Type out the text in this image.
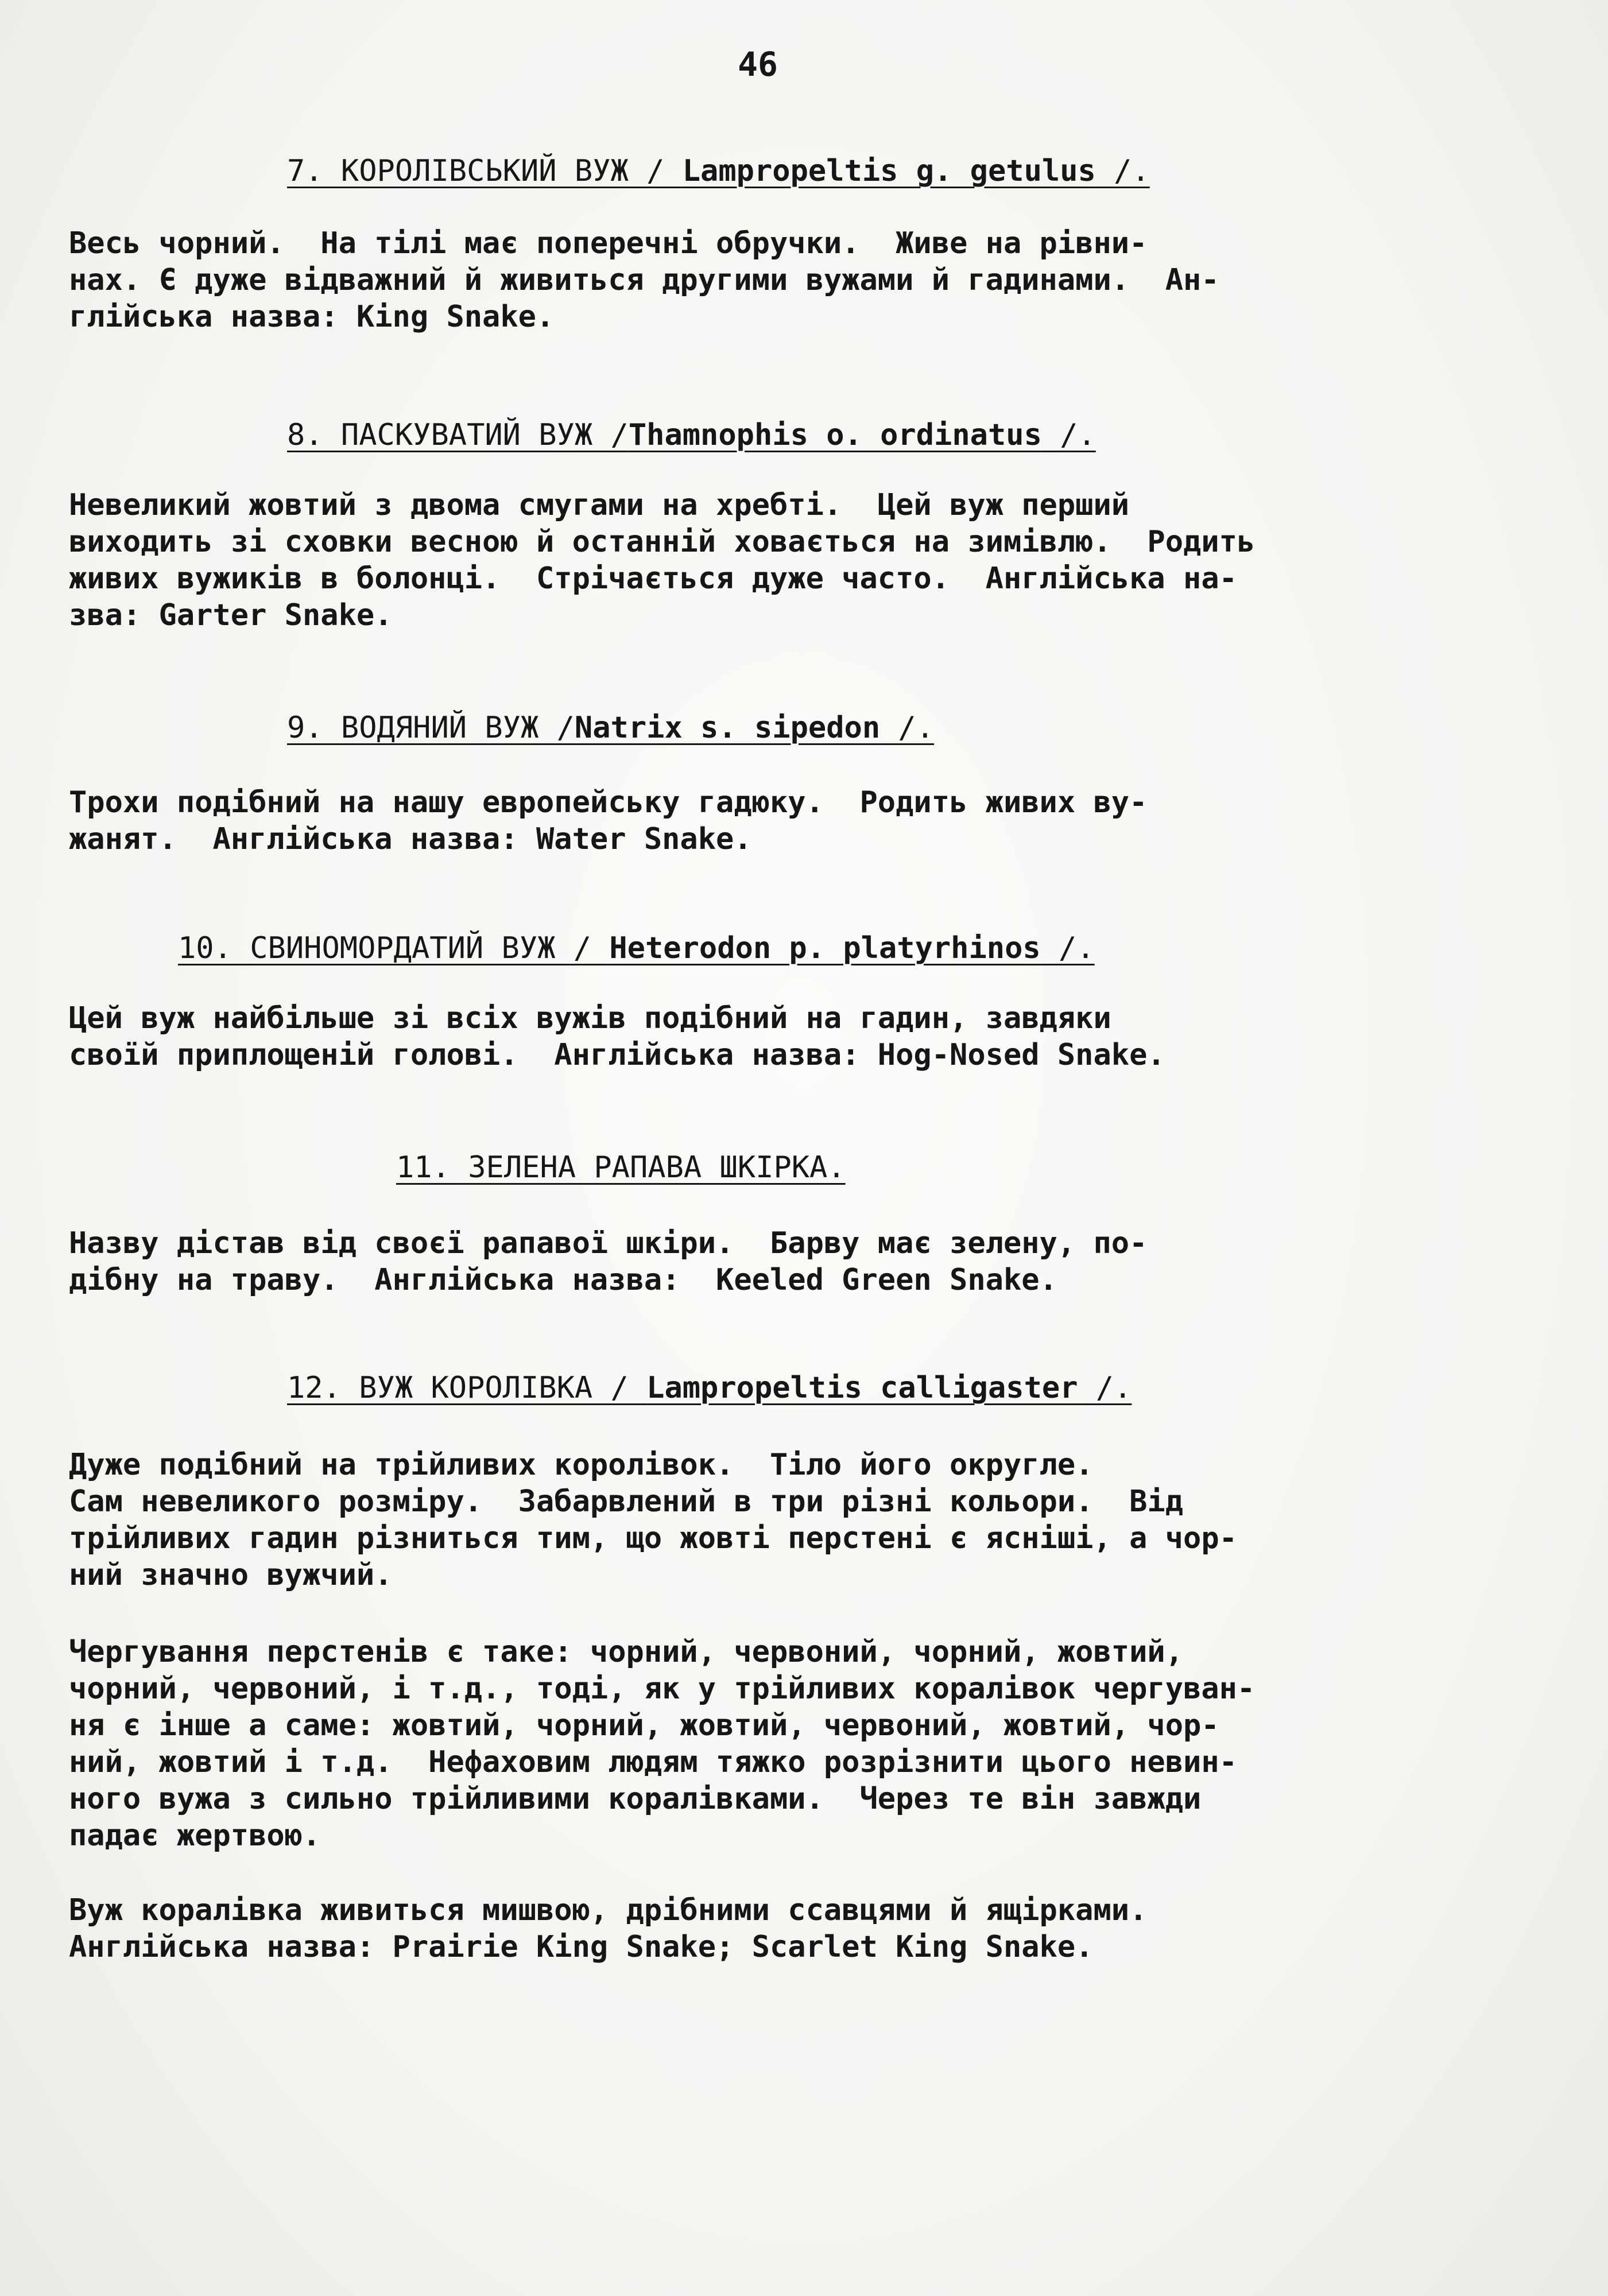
46
7. КОРОЛІВСЬКИЙ ВУЖ / Lampropeltis g. getulus /.
Весь чорний.  На тілі має поперечні обручки.  Живе на рівни-
нах. Є дуже відважний й живиться другими вужами й гадинами.  Ан-
глійська назва: King Snake.
8. ПАСКУВАТИЙ ВУЖ /Thamnophis o. ordinatus /.
Невеликий жовтий з двома смугами на хребті.  Цей вуж перший
виходить зі сховки весною й останній ховається на зимівлю.  Родить
живих вужиків в болонці.  Стрічається дуже часто.  Англійська на-
зва: Garter Snake.
9. ВОДЯНИЙ ВУЖ /Natrix s. sipedon /.
Трохи подібний на нашу европейську гадюку.  Родить живих ву-
жанят.  Англійська назва: Water Snake.
10. СВИНОМОРДАТИЙ ВУЖ / Heterodon p. platyrhinos /.
Цей вуж найбільше зі всіх вужів подібний на гадин, завдяки
своїй приплощеній голові.  Англійська назва: Hog-Nosed Snake.
11. ЗЕЛЕНА РАПАВА ШКІРКА.
Назву дістав від своєї рапавої шкіри.  Барву має зелену, по-
дібну на траву.  Англійська назва:  Keeled Green Snake.
12. ВУЖ КОРОЛІВКА / Lampropeltis calligaster /.
Дуже подібний на трійливих королівок.  Тіло його округле.
Сам невеликого розміру.  Забарвлений в три різні кольори.  Від
трійливих гадин різниться тим, що жовті перстені є ясніші, а чор-
ний значно вужчий.
Чергування перстенів є таке: чорний, червоний, чорний, жовтий,
чорний, червоний, і т.д., тоді, як у трійливих коралівок чергуван-
ня є інше а саме: жовтий, чорний, жовтий, червоний, жовтий, чор-
ний, жовтий і т.д.  Нефаховим людям тяжко розрізнити цього невин-
ного вужа з сильно трійливими коралівками.  Через те він завжди
падає жертвою.
Вуж коралівка живиться мишвою, дрібними ссавцями й ящірками.
Англійська назва: Prairie King Snake; Scarlet King Snake.
